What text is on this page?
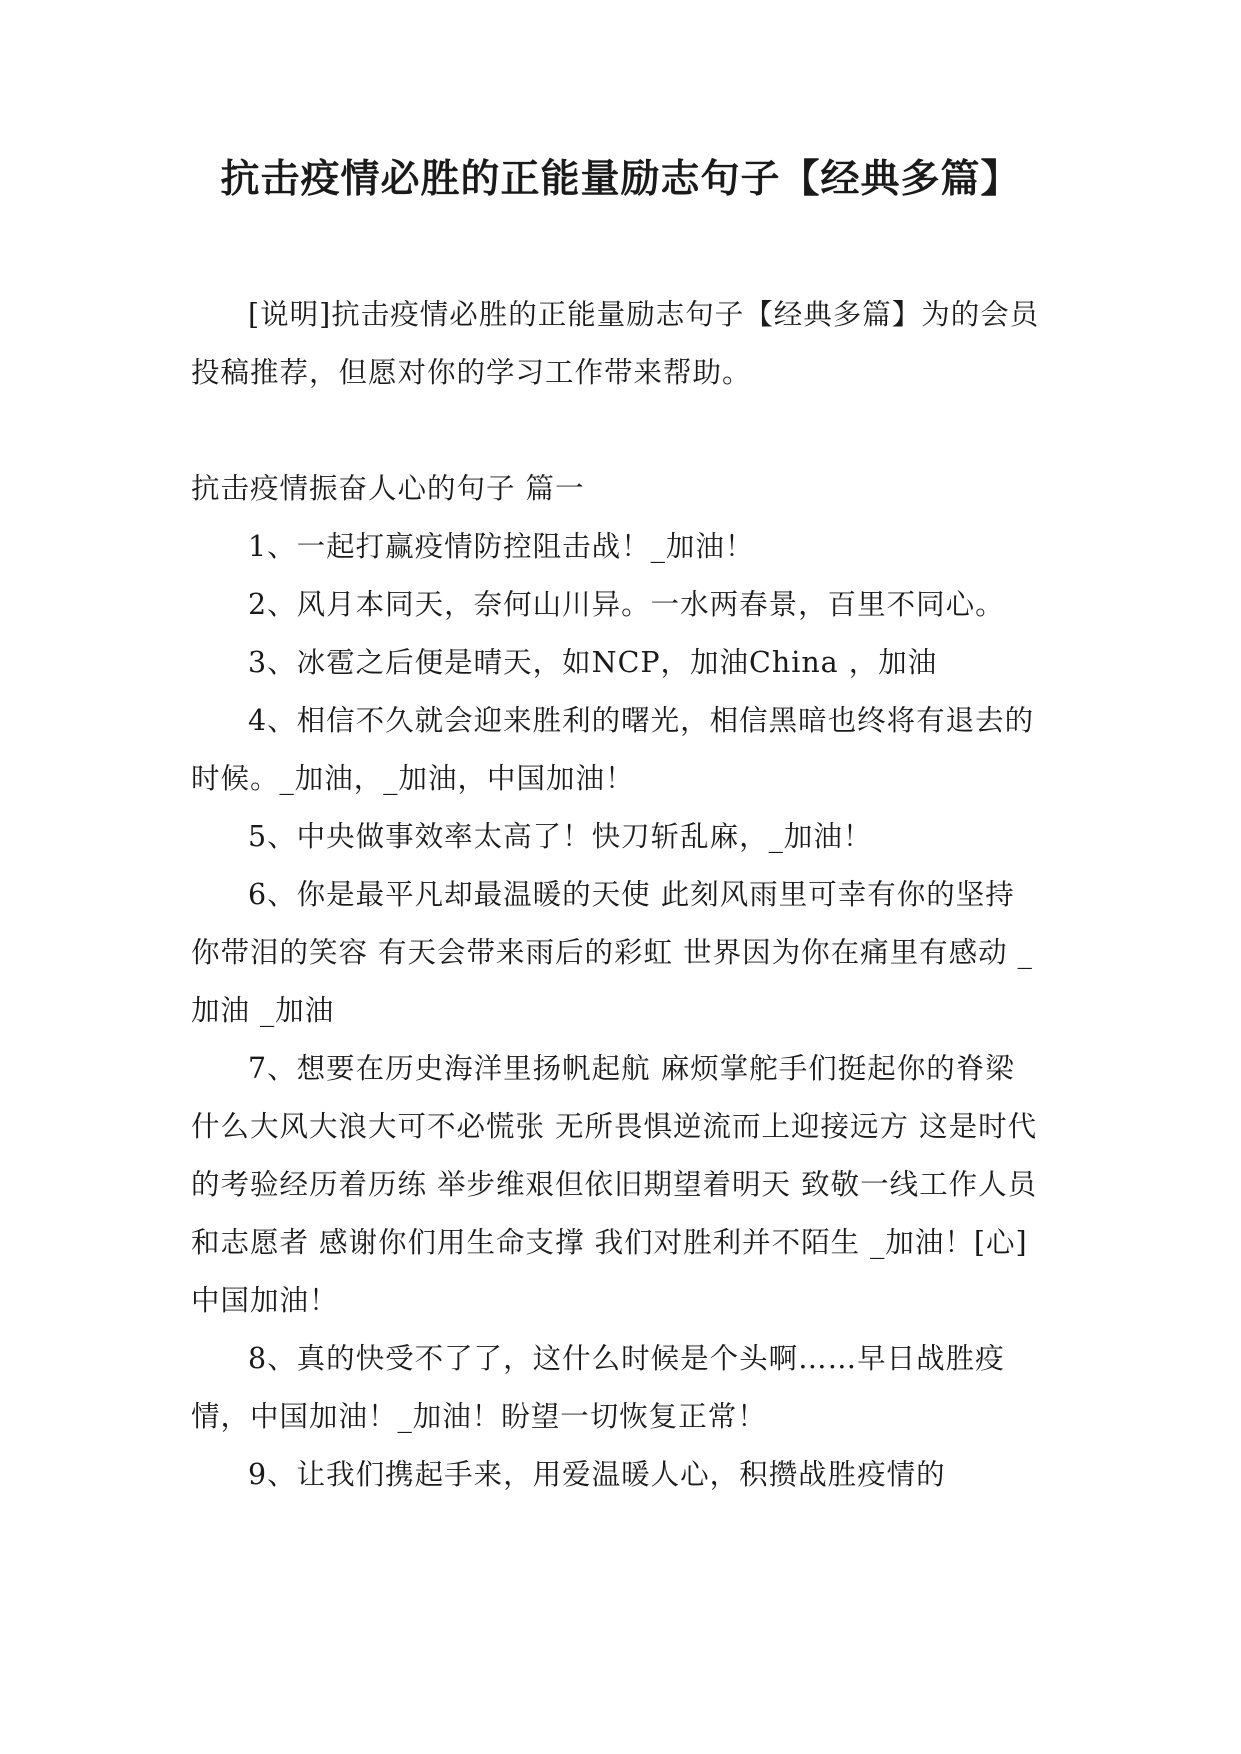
抗击疫情必胜的正能量励志句子【经典多篇】

[说明]抗击疫情必胜的正能量励志句子【经典多篇】为的会员投稿推荐，但愿对你的学习工作带来帮助。

抗击疫情振奋人心的句子 篇一

1、一起打赢疫情防控阻击战！_加油！

2、风月本同天，奈何山川异。一水两春景，百里不同心。

3、冰雹之后便是晴天，如NCP，加油China ，加油

4、相信不久就会迎来胜利的曙光，相信黑暗也终将有退去的时候。_加油，_加油，中国加油！

5、中央做事效率太高了！快刀斩乱麻，_加油！

6、你是最平凡却最温暖的天使 此刻风雨里可幸有你的坚持 你带泪的笑容 有天会带来雨后的彩虹 世界因为你在痛里有感动 _加油 _加油

7、想要在历史海洋里扬帆起航 麻烦掌舵手们挺起你的脊梁 什么大风大浪大可不必慌张 无所畏惧逆流而上迎接远方 这是时代的考验经历着历练 举步维艰但依旧期望着明天 致敬一线工作人员和志愿者 感谢你们用生命支撑 我们对胜利并不陌生 _加油！[心]中国加油！

8、真的快受不了了，这什么时候是个头啊……早日战胜疫情，中国加油！_加油！盼望一切恢复正常！

9、让我们携起手来，用爱温暖人心，积攒战胜疫情的
